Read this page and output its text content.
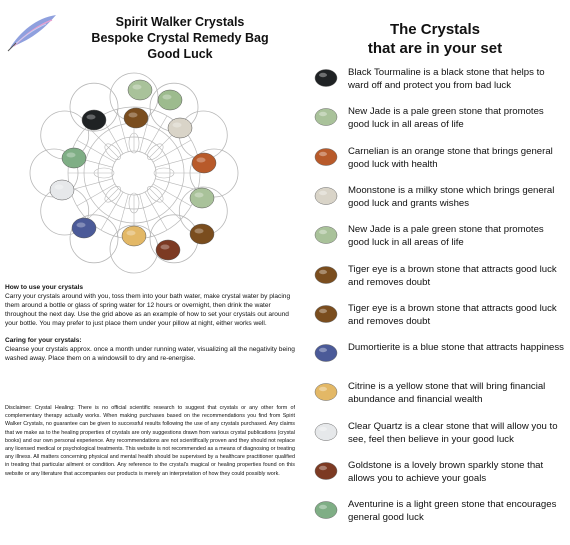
Spirit Walker Crystals
Bespoke Crystal Remedy Bag
Good Luck

How to use your crystals
Carry your crystals around with you, toss them into your bath water, make crystal water by placing them around a bottle or glass of spring water for 12 hours or overnight, then drink the water throughout the next day. Use the grid above as an example of how to set your crystals out around your bottle. You may prefer to just place them under your pillow at night, either works well.

Caring for your crystals:
Cleanse your crystals approx. once a month under running water, visualizing all the negativity being washed away. Place them on a windowsill to dry and re-energise.

Disclaimer: Crystal Healing: There is no official scientific research to suggest that crystals or any other form of complementary therapy actually works. When making purchases based on the recommendations you find from Spirit Walker Crystals, no guarantee can be given to successful results following the use of any crystals purchased. Any claims that we make as to the healing properties of crystals are only suggestions drawn from various crystal publications (crystal books) and our own personal experience. Any recommendations are not scientifically proven and they should not replace any licensed medical or psychological treatments. This website is not recommended as a means of diagnosing or treating any illness. All matters concerning physical and mental health should be supervised by a healthcare practitioner qualified in treating that particular ailment or condition. Any reference to the crystal's magical or healing properties found on this website or any literature that accompanies our products is merely an interpretation of how they could possibly work.
The Crystals
that are in your set
Black Tourmaline is a black stone that helps to ward off and protect you from bad luck
New Jade is a pale green stone that promotes good luck in all areas of life
Carnelian is an orange stone that brings general good luck with health
Moonstone is a milky stone which brings general good luck and grants wishes
New Jade is a pale green stone that promotes good luck in all areas of life
Tiger eye is a brown stone that attracts good luck and removes doubt
Tiger eye is a brown stone that attracts good luck and removes doubt
Dumortierite is a blue stone that attracts happiness
Citrine is a yellow stone that will bring financial abundance and financial wealth
Clear Quartz is a clear stone that will allow you to see, feel then believe in your good luck
Goldstone is a lovely brown sparkly stone that allows you to achieve your goals
Aventurine is a light green stone that encourages general good luck
